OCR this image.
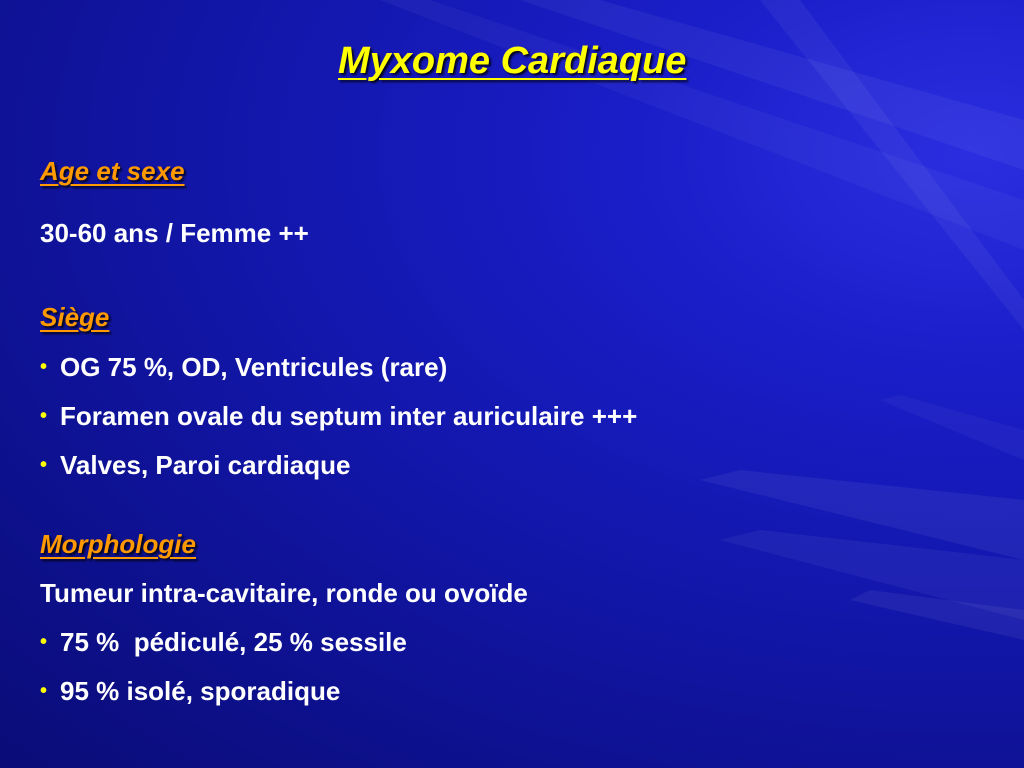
Myxome Cardiaque
Age et sexe

30-60 ans / Femme ++

Siège

• OG 75 %, OD, Ventricules (rare)

• Foramen ovale du septum inter auriculaire +++

• Valves, Paroi cardiaque

Morphologie

Tumeur intra-cavitaire, ronde ou ovoïde

• 75 %  pédiculé, 25 % sessile

• 95 % isolé, sporadique
